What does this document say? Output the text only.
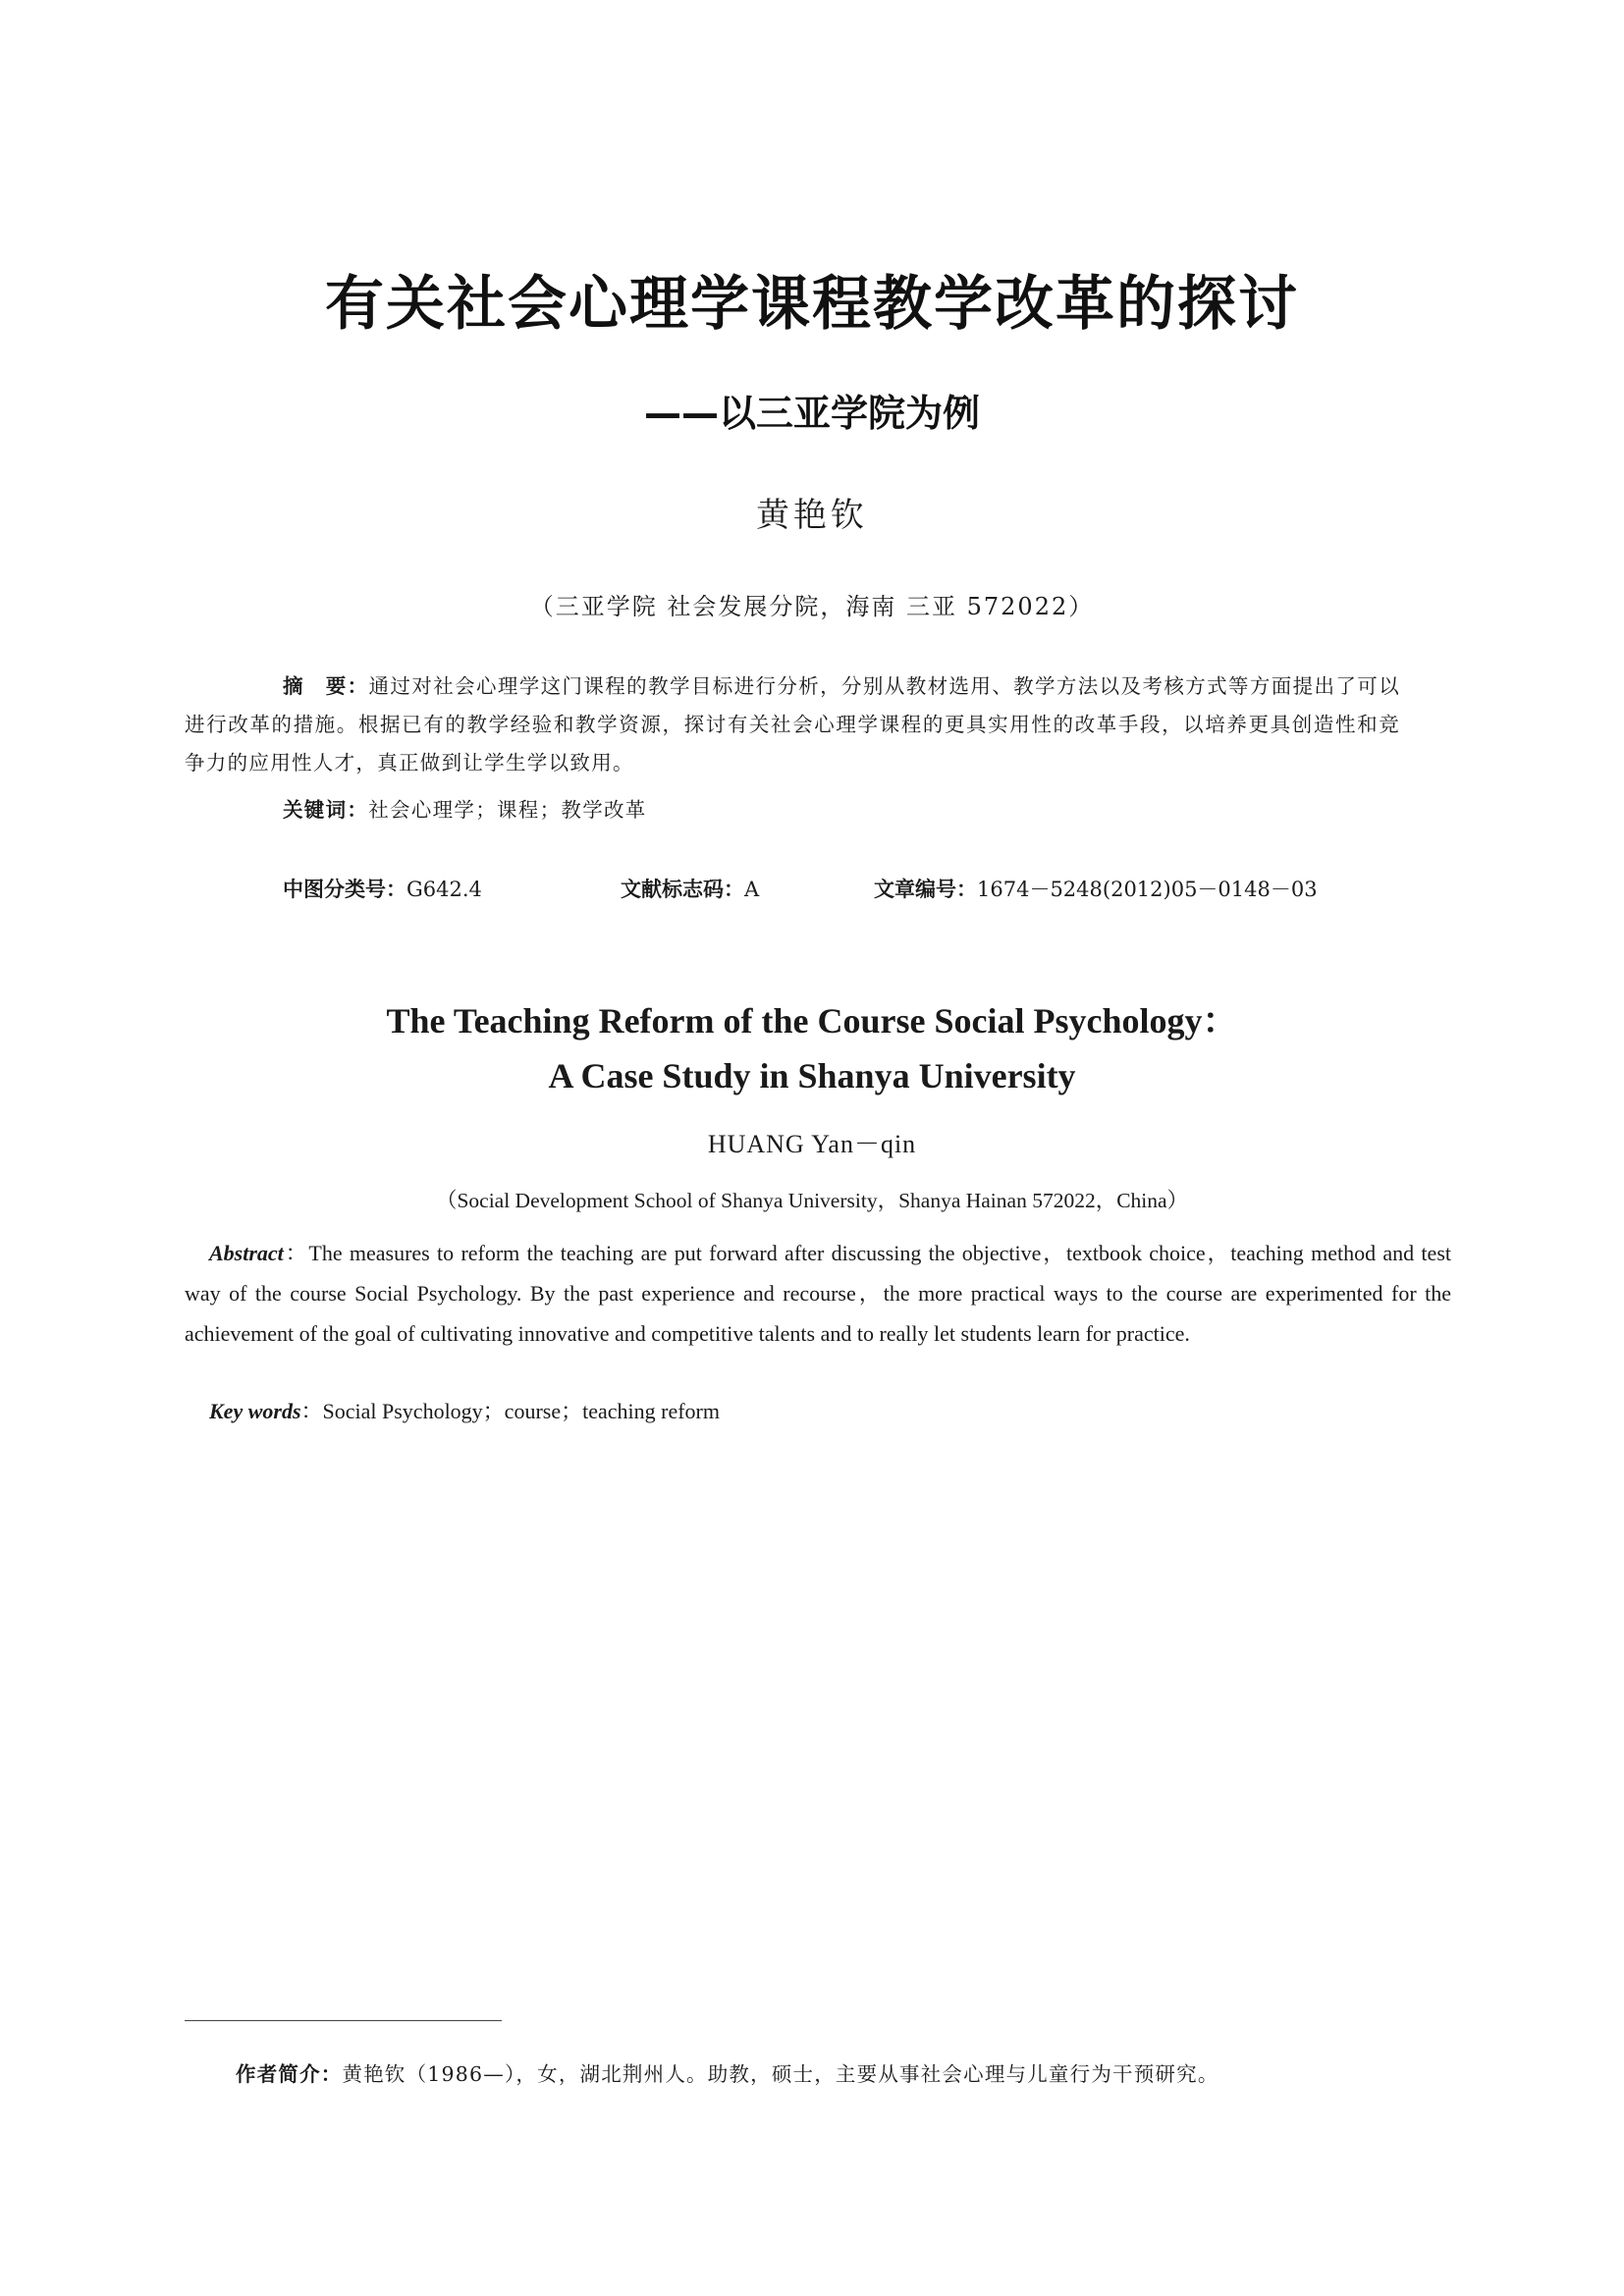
有关社会心理学课程教学改革的探讨
——以三亚学院为例
黄艳钦
（三亚学院 社会发展分院，海南 三亚 572022）
摘　要：通过对社会心理学这门课程的教学目标进行分析，分别从教材选用、教学方法以及考核方式等方面提出了可以进行改革的措施。根据已有的教学经验和教学资源，探讨有关社会心理学课程的更具实用性的改革手段，以培养更具创造性和竞争力的应用性人才，真正做到让学生学以致用。
关键词：社会心理学；课程；教学改革
中图分类号：G642.4	文献标志码：A	文章编号：1674－5248(2012)05－0148－03
The Teaching Reform of the Course Social Psychology：
A Case Study in Shanya University
HUANG Yan－qin
（Social Development School of Shanya University，Shanya Hainan 572022，China）
Abstract：The measures to reform the teaching are put forward after discussing the objective，textbook choice，teaching method and test way of the course Social Psychology. By the past experience and recourse，the more practical ways to the course are experimented for the achievement of the goal of cultivating innovative and competitive talents and to really let students learn for practice.
Key words：Social Psychology；course；teaching reform
作者简介：黄艳钦（1986—），女，湖北荆州人。助教，硕士，主要从事社会心理与儿童行为干预研究。
